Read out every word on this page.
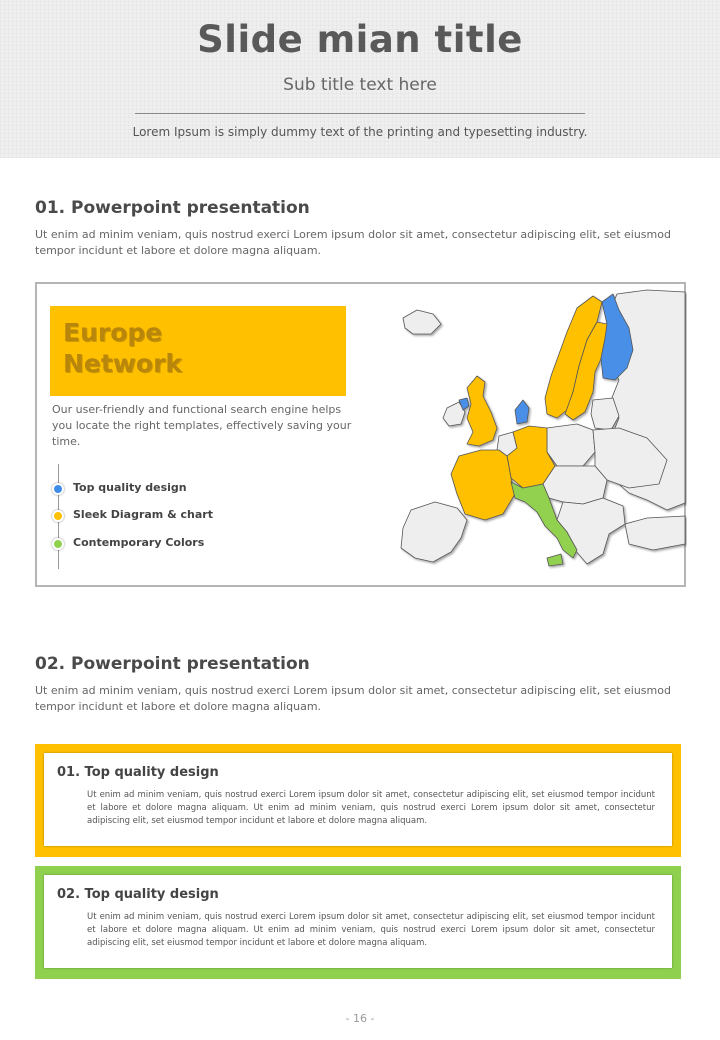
Slide mian title
Sub title text here
Lorem Ipsum is simply dummy text of the printing and typesetting industry.
01. Powerpoint presentation
Ut enim ad minim veniam, quis nostrud exerci Lorem ipsum dolor sit amet, consectetur adipiscing elit, set eiusmod tempor incidunt et labore et dolore magna aliquam.
Europe
Network
Our user-friendly and functional search engine helps you locate the right templates, effectively saving your time.
Top quality design
Sleek Diagram & chart
Contemporary Colors
02. Powerpoint presentation
Ut enim ad minim veniam, quis nostrud exerci Lorem ipsum dolor sit amet, consectetur adipiscing elit, set eiusmod tempor incidunt et labore et dolore magna aliquam.
01. Top quality design
Ut enim ad minim veniam, quis nostrud exerci Lorem ipsum dolor sit amet, consectetur adipiscing elit, set eiusmod tempor incidunt et labore et dolore magna aliquam. Ut enim ad minim veniam, quis nostrud exerci Lorem ipsum dolor sit amet, consectetur adipiscing elit, set eiusmod tempor incidunt et labore et dolore magna aliquam.
02. Top quality design
Ut enim ad minim veniam, quis nostrud exerci Lorem ipsum dolor sit amet, consectetur adipiscing elit, set eiusmod tempor incidunt et labore et dolore magna aliquam. Ut enim ad minim veniam, quis nostrud exerci Lorem ipsum dolor sit amet, consectetur adipiscing elit, set eiusmod tempor incidunt et labore et dolore magna aliquam.
- 16 -
